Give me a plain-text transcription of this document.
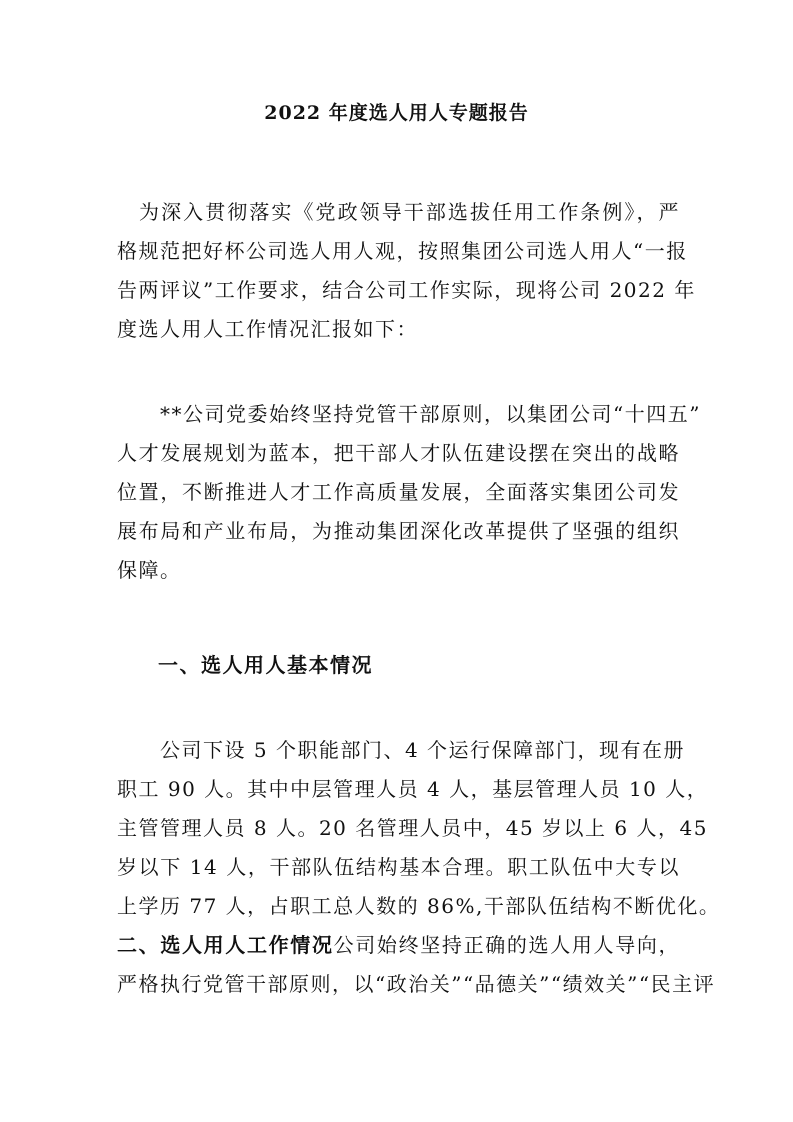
2022 年度选人用人专题报告
　为深入贯彻落实《党政领导干部选拔任用工作条例》，严
格规范把好杯公司选人用人观，按照集团公司选人用人“一报
告两评议”工作要求，结合公司工作实际，现将公司 2022 年
度选人用人工作情况汇报如下：
　　**公司党委始终坚持党管干部原则，以集团公司“十四五”
人才发展规划为蓝本，把干部人才队伍建设摆在突出的战略
位置，不断推进人才工作高质量发展，全面落实集团公司发
展布局和产业布局，为推动集团深化改革提供了坚强的组织
保障。
一、选人用人基本情况
　　公司下设 5 个职能部门、4 个运行保障部门，现有在册
职工 90 人。其中中层管理人员 4 人，基层管理人员 10 人，
主管管理人员 8 人。20 名管理人员中，45 岁以上 6 人，45
岁以下 14 人，干部队伍结构基本合理。职工队伍中大专以
上学历 77 人，占职工总人数的 86%,干部队伍结构不断优化。
二、选人用人工作情况公司始终坚持正确的选人用人导向，
严格执行党管干部原则，以“政治关”“品德关”“绩效关”“民主评
